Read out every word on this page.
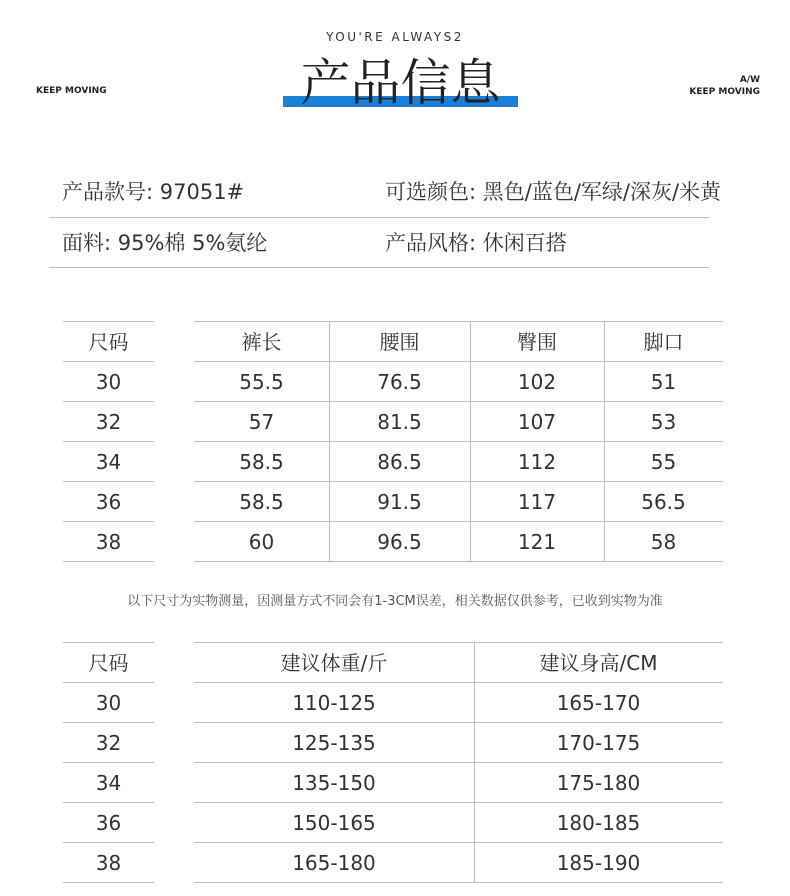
YOU'RE ALWAYS2
KEEP MOVING
A/W
KEEP MOVING
产品信息
产品款号: 97051#	可选颜色: 黑色/蓝色/军绿/深灰/米黄
面料: 95%棉 5%氨纶	产品风格: 休闲百搭
尺码	裤长	腰围	臀围	脚口
30	55.5	76.5	102	51
32	57	81.5	107	53
34	58.5	86.5	112	55
36	58.5	91.5	117	56.5
38	60	96.5	121	58
以下尺寸为实物测量，因测量方式不同会有1-3CM误差，相关数据仅供参考，已收到实物为准
尺码	建议体重/斤	建议身高/CM
30	110-125	165-170
32	125-135	170-175
34	135-150	175-180
36	150-165	180-185
38	165-180	185-190
